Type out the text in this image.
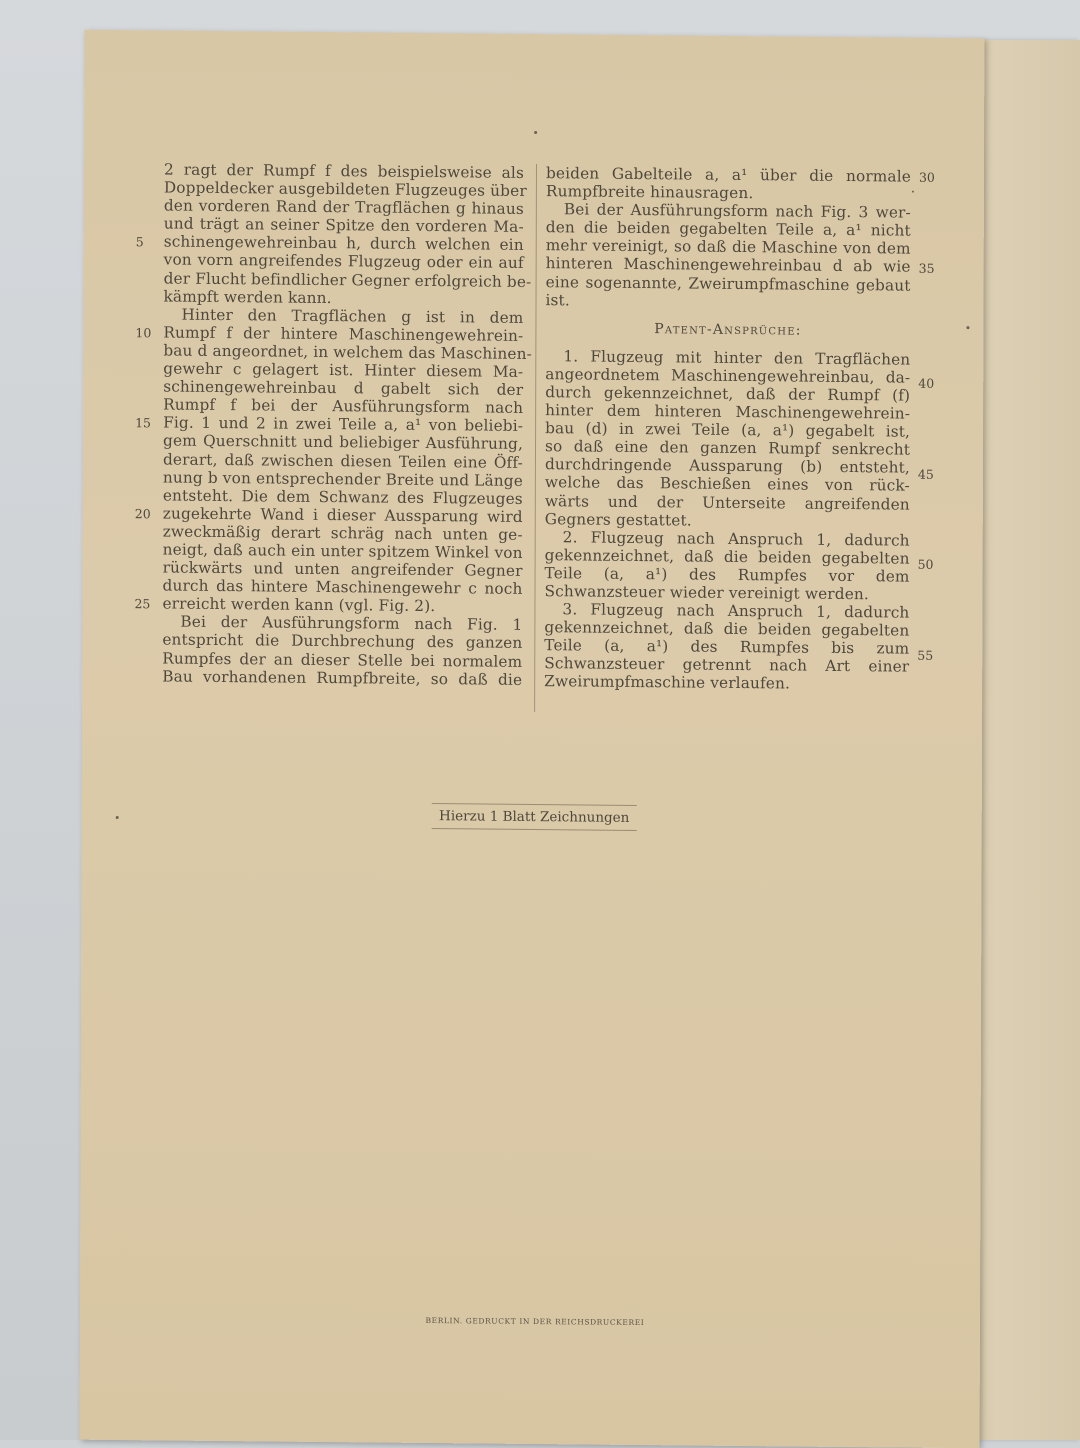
2 ragt der Rumpf f des beispielsweise als
Doppeldecker ausgebildeten Flugzeuges über
den vorderen Rand der Tragflächen g hinaus
und trägt an seiner Spitze den vorderen Ma-
schinengewehreinbau h, durch welchen ein
von vorn angreifendes Flugzeug oder ein auf
der Flucht befindlicher Gegner erfolgreich be-
kämpft werden kann.
Hinter den Tragflächen g ist in dem
Rumpf f der hintere Maschinengewehrein-
bau d angeordnet, in welchem das Maschinen-
gewehr c gelagert ist. Hinter diesem Ma-
schinengewehreinbau d gabelt sich der
Rumpf f bei der Ausführungsform nach
Fig. 1 und 2 in zwei Teile a, a¹ von beliebi-
gem Querschnitt und beliebiger Ausführung,
derart, daß zwischen diesen Teilen eine Öff-
nung b von entsprechender Breite und Länge
entsteht. Die dem Schwanz des Flugzeuges
zugekehrte Wand i dieser Aussparung wird
zweckmäßig derart schräg nach unten ge-
neigt, daß auch ein unter spitzem Winkel von
rückwärts und unten angreifender Gegner
durch das hintere Maschinengewehr c noch
erreicht werden kann (vgl. Fig. 2).
Bei der Ausführungsform nach Fig. 1
entspricht die Durchbrechung des ganzen
Rumpfes der an dieser Stelle bei normalem
Bau vorhandenen Rumpfbreite, so daß die
beiden Gabelteile a, a¹ über die normale
Rumpfbreite hinausragen.
Bei der Ausführungsform nach Fig. 3 wer-
den die beiden gegabelten Teile a, a¹ nicht
mehr vereinigt, so daß die Maschine von dem
hinteren Maschinengewehreinbau d ab wie
eine sogenannte‚ Zweirumpfmaschine gebaut
ist.
Patent-Ansprüche:
1. Flugzeug mit hinter den Tragflächen
angeordnetem Maschinengewehreinbau, da-
durch gekennzeichnet, daß der Rumpf (f)
hinter dem hinteren Maschinengewehrein-
bau (d) in zwei Teile (a, a¹) gegabelt ist,
so daß eine den ganzen Rumpf senkrecht
durchdringende Aussparung (b) entsteht,
welche das Beschießen eines von rück-
wärts und der Unterseite angreifenden
Gegners gestattet.
2. Flugzeug nach Anspruch 1, dadurch
gekennzeichnet, daß die beiden gegabelten
Teile (a, a¹) des Rumpfes vor dem
Schwanzsteuer wieder vereinigt werden.
3. Flugzeug nach Anspruch 1, dadurch
gekennzeichnet, daß die beiden gegabelten
Teile (a, a¹) des Rumpfes bis zum
Schwanzsteuer getrennt nach Art einer
Zweirumpfmaschine verlaufen.
5
10
15
20
25
30
35
40
45
50
55
Hierzu 1 Blatt Zeichnungen
BERLIN. GEDRUCKT IN DER REICHSDRUCKEREI
